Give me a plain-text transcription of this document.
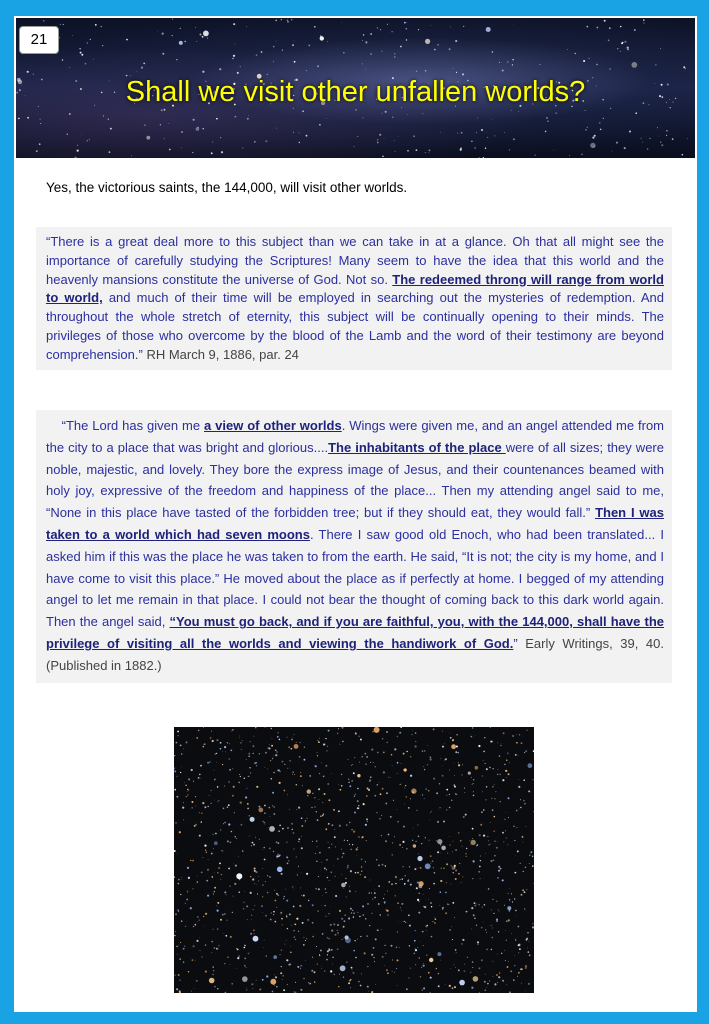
21
Shall we visit other unfallen worlds?
Yes, the victorious saints, the 144,000, will visit other worlds.
“There is a great deal more to this subject than we can take in at a glance. Oh that all might see the importance of carefully studying the Scriptures! Many seem to have the idea that this world and the heavenly mansions constitute the universe of God. Not so. The redeemed throng will range from world to world, and much of their time will be employed in searching out the mysteries of redemption. And throughout the whole stretch of eternity, this subject will be continually opening to their minds. The privileges of those who overcome by the blood of the Lamb and the word of their testimony are beyond comprehension.” RH March 9, 1886, par. 24
“The Lord has given me a view of other worlds. Wings were given me, and an angel attended me from the city to a place that was bright and glorious....The inhabitants of the place were of all sizes; they were noble, majestic, and lovely. They bore the express image of Jesus, and their countenances beamed with holy joy, expressive of the freedom and happiness of the place... Then my attending angel said to me, “None in this place have tasted of the forbidden tree; but if they should eat, they would fall.” Then I was taken to a world which had seven moons. There I saw good old Enoch, who had been translated... I asked him if this was the place he was taken to from the earth. He said, “It is not; the city is my home, and I have come to visit this place.” He moved about the place as if perfectly at home. I begged of my attending angel to let me remain in that place. I could not bear the thought of coming back to this dark world again. Then the angel said, “You must go back, and if you are faithful, you, with the 144,000, shall have the privilege of visiting all the worlds and viewing the handiwork of God.” Early Writings, 39, 40. (Published in 1882.)
